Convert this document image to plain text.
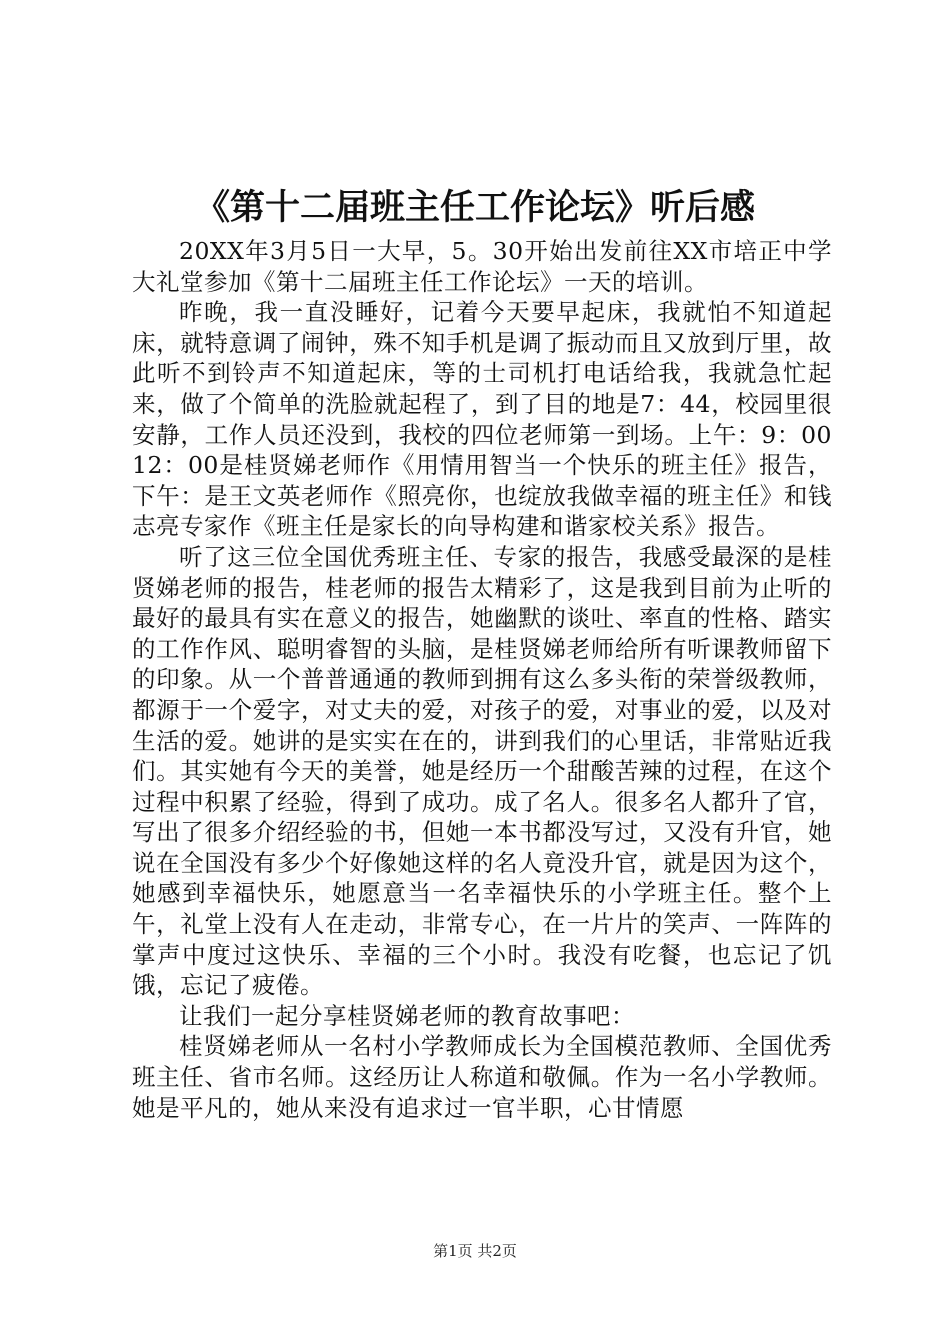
《第十二届班主任工作论坛》听后感

20XX年3月5日一大早，5。30开始出发前往XX市培正中学大礼堂参加《第十二届班主任工作论坛》一天的培训。

昨晚，我一直没睡好，记着今天要早起床，我就怕不知道起床，就特意调了闹钟，殊不知手机是调了振动而且又放到厅里，故此听不到铃声不知道起床，等的士司机打电话给我，我就急忙起来，做了个简单的洗脸就起程了，到了目的地是7：44，校园里很安静，工作人员还没到，我校的四位老师第一到场。上午：9：0012：00是桂贤娣老师作《用情用智当一个快乐的班主任》报告，下午：是王文英老师作《照亮你，也绽放我做幸福的班主任》和钱志亮专家作《班主任是家长的向导构建和谐家校关系》报告。

听了这三位全国优秀班主任、专家的报告，我感受最深的是桂贤娣老师的报告，桂老师的报告太精彩了，这是我到目前为止听的最好的最具有实在意义的报告，她幽默的谈吐、率直的性格、踏实的工作作风、聪明睿智的头脑，是桂贤娣老师给所有听课教师留下的印象。从一个普普通通的教师到拥有这么多头衔的荣誉级教师，都源于一个爱字，对丈夫的爱，对孩子的爱，对事业的爱，以及对生活的爱。她讲的是实实在在的，讲到我们的心里话，非常贴近我们。其实她有今天的美誉，她是经历一个甜酸苦辣的过程，在这个过程中积累了经验，得到了成功。成了名人。很多名人都升了官，写出了很多介绍经验的书，但她一本书都没写过，又没有升官，她说在全国没有多少个好像她这样的名人竟没升官，就是因为这个，她感到幸福快乐，她愿意当一名幸福快乐的小学班主任。整个上午，礼堂上没有人在走动，非常专心，在一片片的笑声、一阵阵的掌声中度过这快乐、幸福的三个小时。我没有吃餐，也忘记了饥饿，忘记了疲倦。

让我们一起分享桂贤娣老师的教育故事吧：

桂贤娣老师从一名村小学教师成长为全国模范教师、全国优秀班主任、省市名师。这经历让人称道和敬佩。作为一名小学教师。她是平凡的，她从来没有追求过一官半职，心甘情愿

第1页 共2页
